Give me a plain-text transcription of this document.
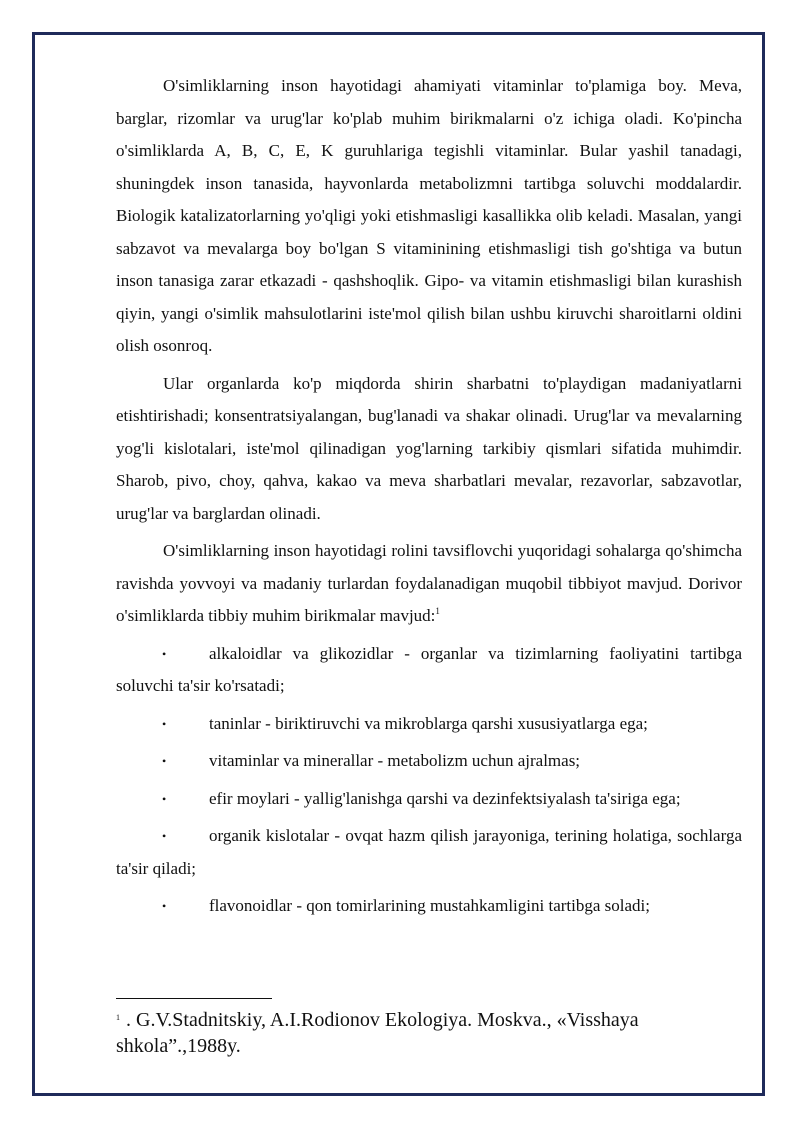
O'simliklarning inson hayotidagi ahamiyati vitaminlar to'plamiga boy. Meva, barglar, rizomlar va urug'lar ko'plab muhim birikmalarni o'z ichiga oladi. Ko'pincha o'simliklarda A, B, C, E, K guruhlariga tegishli vitaminlar. Bular yashil tanadagi, shuningdek inson tanasida, hayvonlarda metabolizmni tartibga soluvchi moddalardir. Biologik katalizatorlarning yo'qligi yoki etishmasligi kasallikka olib keladi. Masalan, yangi sabzavot va mevalarga boy bo'lgan S vitaminining etishmasligi tish go'shtiga va butun inson tanasiga zarar etkazadi - qashshoqlik. Gipo- va vitamin etishmasligi bilan kurashish qiyin, yangi o'simlik mahsulotlarini iste'mol qilish bilan ushbu kiruvchi sharoitlarni oldini olish osonroq.

Ular organlarda ko'p miqdorda shirin sharbatni to'playdigan madaniyatlarni etishtirishadi; konsentratsiyalangan, bug'lanadi va shakar olinadi. Urug'lar va mevalarning yog'li kislotalari, iste'mol qilinadigan yog'larning tarkibiy qismlari sifatida muhimdir. Sharob, pivo, choy, qahva, kakao va meva sharbatlari mevalar, rezavorlar, sabzavotlar, urug'lar va barglardan olinadi.

O'simliklarning inson hayotidagi rolini tavsiflovchi yuqoridagi sohalarga qo'shimcha ravishda yovvoyi va madaniy turlardan foydalanadigan muqobil tibbiyot mavjud. Dorivor o'simliklarda tibbiy muhim birikmalar mavjud:$^1$

•	alkaloidlar va glikozidlar - organlar va tizimlarning faoliyatini tartibga soluvchi ta'sir ko'rsatadi;
•	taninlar - biriktiruvchi va mikroblarga qarshi xususiyatlarga ega;
•	vitaminlar va minerallar - metabolizm uchun ajralmas;
•	efir moylari - yallig'lanishga qarshi va dezinfektsiyalash ta'siriga ega;
•	organik kislotalar - ovqat hazm qilish jarayoniga, terining holatiga, sochlarga ta'sir qiladi;
•	flavonoidlar - qon tomirlarining mustahkamligini tartibga soladi;
$^1$ . G.V.Stadnitskiy, A.I.Rodionov Ekologiya. Moskva., «Visshaya shkola”.,1988y.
